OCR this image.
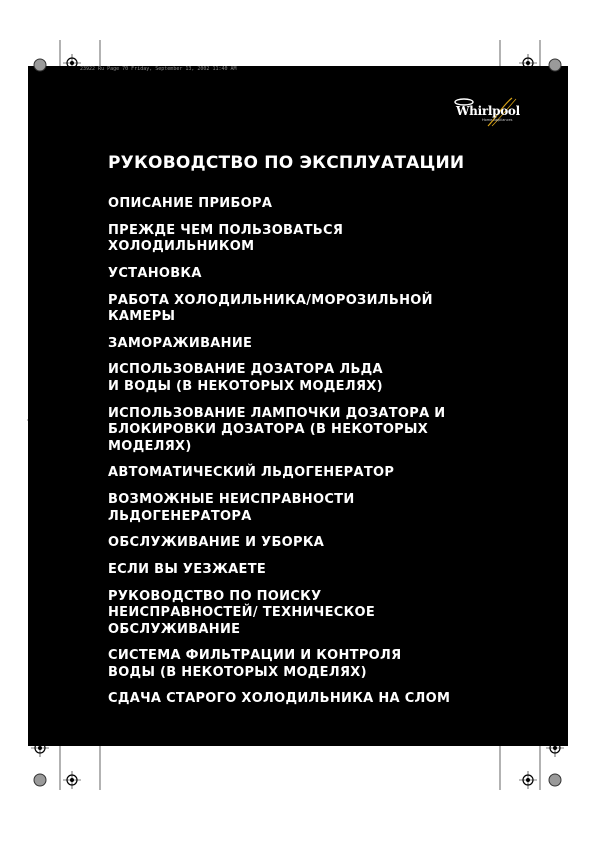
23922 Ru Page 70 Friday, September 13, 2002 11:40 AM
Whirlpool
Home Appliances
РУКОВОДСТВО ПО ЭКСПЛУАТАЦИИ
ОПИСАНИЕ ПРИБОРА
ПРЕЖДЕ ЧЕМ ПОЛЬЗОВАТЬСЯ
ХОЛОДИЛЬНИКОМ
УСТАНОВКА
РАБОТА ХОЛОДИЛЬНИКА/МОРОЗИЛЬНОЙ
КАМЕРЫ
ЗАМОРАЖИВАНИЕ
ИСПОЛЬЗОВАНИЕ ДОЗАТОРА ЛЬДА
И ВОДЫ (В НЕКОТОРЫХ МОДЕЛЯХ)
ИСПОЛЬЗОВАНИЕ ЛАМПОЧКИ ДОЗАТОРА И
БЛОКИРОВКИ ДОЗАТОРА (В НЕКОТОРЫХ
МОДЕЛЯХ)
АВТОМАТИЧЕСКИЙ ЛЬДОГЕНЕРАТОР
ВОЗМОЖНЫЕ НЕИСПРАВНОСТИ
ЛЬДОГЕНЕРАТОРА
ОБСЛУЖИВАНИЕ И УБОРКА
ЕСЛИ ВЫ УЕЗЖАЕТЕ
РУКОВОДСТВО ПО ПОИСКУ
НЕИСПРАВНОСТЕЙ/ ТЕХНИЧЕСКОЕ
ОБСЛУЖИВАНИЕ
СИСТЕМА ФИЛЬТРАЦИИ И КОНТРОЛЯ
ВОДЫ (В НЕКОТОРЫХ МОДЕЛЯХ)
СДАЧА СТАРОГО ХОЛОДИЛЬНИКА НА СЛОМ
